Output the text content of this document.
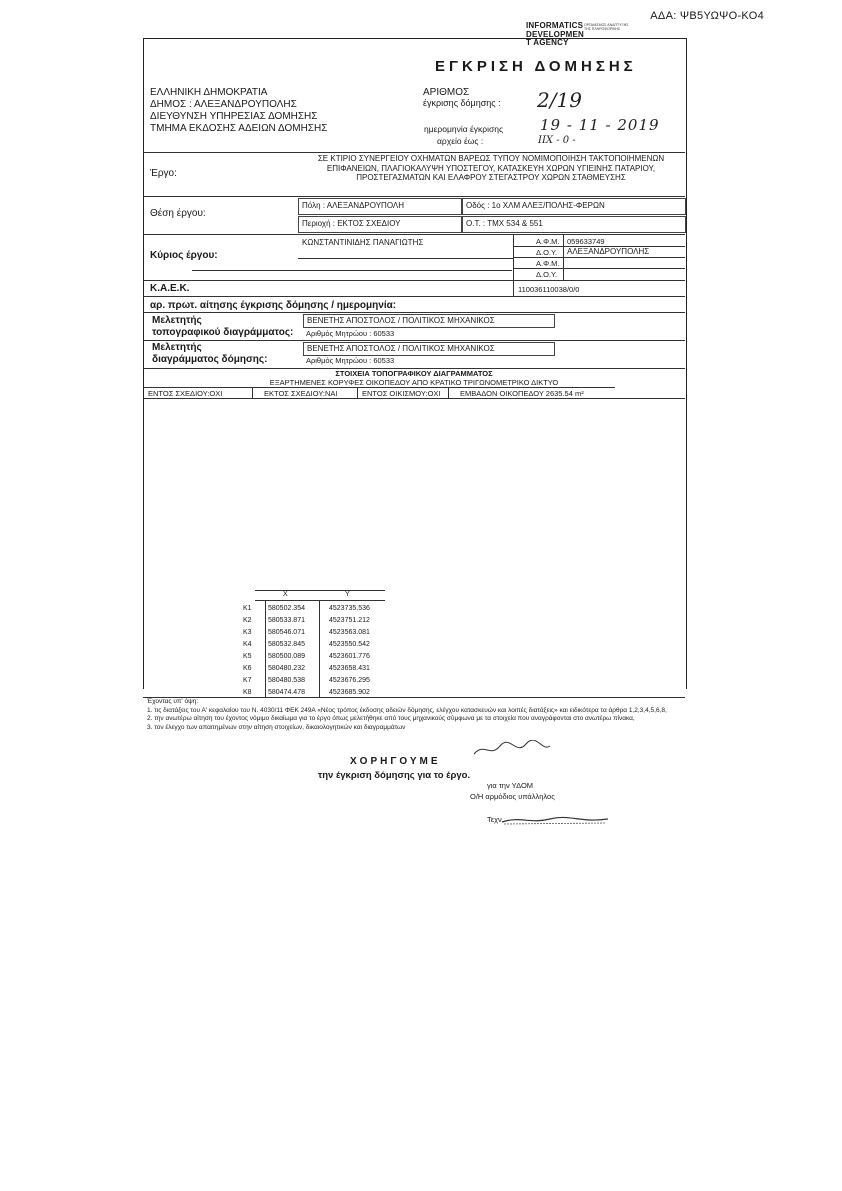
ΑΔΑ: ΨΒ5ΥΩΨΟ-ΚΟ4
INFORMATICS
DEVELOPMEN
T AGENCY
ΟΡΓΑΝΙΣΜΟΣ ΑΝΑΠΤΥΞΗΣ ΤΗΣ ΠΛΗΡΟΦΟΡΙΚΗΣ
ΕΓΚΡΙΣΗ ΔΟΜΗΣΗΣ
ΕΛΛΗΝΙΚΗ ΔΗΜΟΚΡΑΤΙΑ
ΔΗΜΟΣ : ΑΛΕΞΑΝΔΡΟΥΠΟΛΗΣ
ΔΙΕΥΘΥΝΣΗ ΥΠΗΡΕΣΙΑΣ ΔΟΜΗΣΗΣ
ΤΜΗΜΑ ΕΚΔΟΣΗΣ ΑΔΕΙΩΝ ΔΟΜΗΣΗΣ
ΑΡΙΘΜΟΣ
έγκρισης δόμησης : 2/19
ημερομηνία έγκρισης 19 - 11 - 2019
αρχείο έως :	ΙΙΧ - 0 -
Έργο:
ΣΕ ΚΤΙΡΙΟ ΣΥΝΕΡΓΕΙΟΥ ΟΧΗΜΑΤΩΝ ΒΑΡΕΩΣ ΤΥΠΟΥ ΝΟΜΙΜΟΠΟΙΗΣΗ ΤΑΚΤΟΠΟΙΗΜΕΝΩΝ ΕΠΙΦΑΝΕΙΩΝ, ΠΛΑΓΙΟΚΑΛΥΨΗ ΥΠΟΣΤΕΓΟΥ, ΚΑΤΑΣΚΕΥΗ ΧΩΡΩΝ ΥΓΙΕΙΝΗΣ ΠΑΤΑΡΙΟΥ, ΠΡΟΣΤΕΓΑΣΜΑΤΩΝ ΚΑΙ ΕΛΑΦΡΟΥ ΣΤΕΓΑΣΤΡΟΥ ΧΩΡΩΝ ΣΤΑΘΜΕΥΣΗΣ
Θέση έργου:
Πόλη : ΑΛΕΞΑΝΔΡΟΥΠΟΛΗ	Οδός : 1ο ΧΛΜ ΑΛΕΞ/ΠΟΛΗΣ-ΦΕΡΩΝ
Περιοχή : ΕΚΤΟΣ ΣΧΕΔΙΟΥ	Ο.Τ. : ΤΜΧ 534 & 551
Κύριος έργου:
ΚΩΝΣΤΑΝΤΙΝΙΔΗΣ ΠΑΝΑΓΙΩΤΗΣ	Α.Φ.Μ. 059633749
Δ.Ο.Υ. ΑΛΕΞΑΝΔΡΟΥΠΟΛΗΣ
Α.Φ.Μ.
Δ.Ο.Υ.
Κ.Α.Ε.Κ.	110036110038/0/0
αρ. πρωτ. αίτησης έγκρισης δόμησης / ημερομηνία:
Μελετητής
τοπογραφικού διαγράμματος:
ΒΕΝΕΤΗΣ ΑΠΟΣΤΟΛΟΣ / ΠΟΛΙΤΙΚΟΣ ΜΗΧΑΝΙΚΟΣ
Αριθμός Μητρώου : 60533
Μελετητής
διαγράμματος δόμησης:
ΒΕΝΕΤΗΣ ΑΠΟΣΤΟΛΟΣ / ΠΟΛΙΤΙΚΟΣ ΜΗΧΑΝΙΚΟΣ
Αριθμός Μητρώου : 60533
ΣΤΟΙΧΕΙΑ ΤΟΠΟΓΡΑΦΙΚΟΥ ΔΙΑΓΡΑΜΜΑΤΟΣ
ΕΞΑΡΤΗΜΕΝΕΣ ΚΟΡΥΦΕΣ ΟΙΚΟΠΕΔΟΥ ΑΠΟ ΚΡΑΤΙΚΟ ΤΡΙΓΩΝΟΜΕΤΡΙΚΟ ΔΙΚΤΥΟ
ΕΝΤΟΣ ΣΧΕΔΙΟΥ:ΟΧΙ	ΕΚΤΟΣ ΣΧΕΔΙΟΥ:ΝΑΙ	ΕΝΤΟΣ ΟΙΚΙΣΜΟΥ:ΟΧΙ	ΕΜΒΑΔΟΝ ΟΙΚΟΠΕΔΟΥ 2635.54 m²
X	Y
K1 580502.354	4523735.536
K2 580533.871	4523751.212
K3 580546.071	4523563.081
K4 580532.845	4523550.542
K5 580500.089	4523601.776
K6 580480.232	4523658.431
K7 580480.538	4523676.295
K8 580474.478	4523685.902
Έχοντας υπ' όψη:
1. τις διατάξεις του Α' κεφαλαίου του Ν. 4030/11 ΦΕΚ 249Α «Νέος τρόπος έκδοσης αδειών δόμησης, ελέγχου κατασκευών και λοιπές διατάξεις» και ειδικότερα τα άρθρα 1,2,3,4,5,6,8,
2. την ανωτέρω αίτηση του έχοντος νόμιμο δικαίωμα για το έργο όπως μελετήθηκε από τους μηχανικούς σύμφωνα με τα στοιχεία που αναγράφονται στο ανωτέρω πίνακα,
3. τον έλεγχο των απαιτημένων στην αίτηση στοιχείων, δικαιολογητικών και διαγραμμάτων
ΧΟΡΗΓΟΥΜΕ
την έγκριση δόμησης για το έργο.
για την ΥΔΟΜ
Ο/Η αρμόδιος υπάλληλος
Τεχν.
